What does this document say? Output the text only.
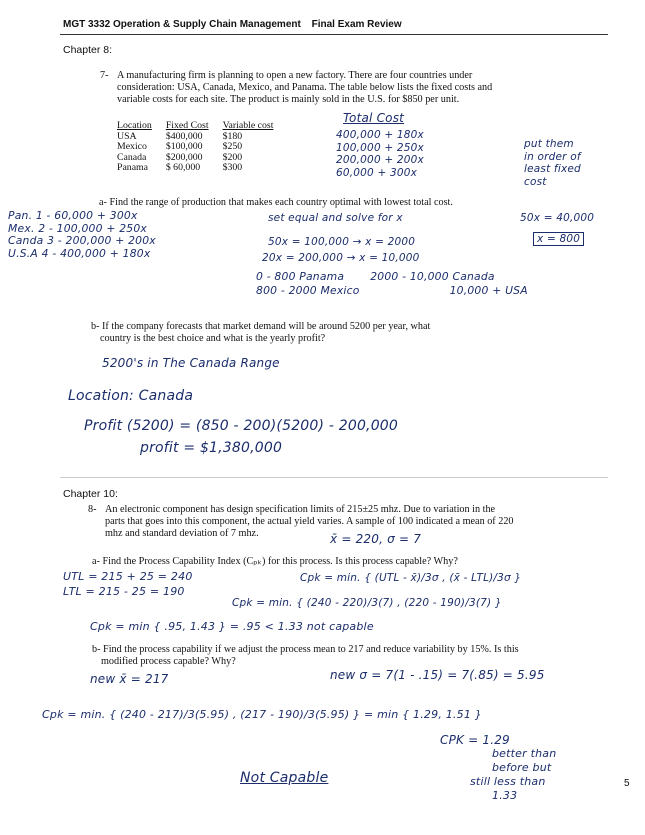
MGT 3332 Operation & Supply Chain Management Final Exam Review
Chapter 8:
7- A manufacturing firm is planning to open a new factory. There are four countries under
consideration: USA, Canada, Mexico, and Panama. The table below lists the fixed costs and
variable costs for each site. The product is mainly sold in the U.S. for $850 per unit.
Location	Fixed Cost	Variable cost
USA	$400,000	$180
Mexico	$100,000	$250
Canada	$200,000	$200
Panama	$ 60,000	$300
Total Cost
400,000 + 180x
100,000 + 250x
200,000 + 200x
60,000 + 300x
put them
in order of
least fixed
cost
a- Find the range of production that makes each country optimal with lowest total cost.
Pan. 1 - 60,000 + 300x
Mex. 2 - 100,000 + 250x
Canda 3 - 200,000 + 200x
U.S.A 4 - 400,000 + 180x
set equal and solve for x	50x = 40,000
50x = 100,000 → x = 2000	x = 800
20x = 200,000 → x = 10,000
0 - 800 Panama 2000 - 10,000 Canada
800 - 2000 Mexico	10,000 + USA
b- If the company forecasts that market demand will be around 5200 per year, what
country is the best choice and what is the yearly profit?
5200's in The Canada Range
Location: Canada
Profit (5200) = (850 - 200)(5200) - 200,000
profit = $1,380,000
Chapter 10:
8- An electronic component has design specification limits of 215±25 mhz. Due to variation in the
parts that goes into this component, the actual yield varies. A sample of 100 indicated a mean of 220
mhz and standard deviation of 7 mhz.	x̄ = 220, σ = 7
a- Find the Process Capability Index (Cₚₖ) for this process. Is this process capable? Why?
UTL = 215 + 25 = 240
LTL = 215 - 25 = 190
Cpk = min. { (UTL - x̄)/3σ , (x̄ - LTL)/3σ }
Cpk = min. { (240 - 220)/3(7) , (220 - 190)/3(7) }
Cpk = min { .95, 1.43 } = .95 < 1.33 not capable
b- Find the process capability if we adjust the process mean to 217 and reduce variability by 15%. Is this
modified process capable? Why?
new x̄ = 217	new σ = 7(1 - .15) = 7(.85) = 5.95
Cpk = min. { (240 - 217)/3(5.95) , (217 - 190)/3(5.95) } = min { 1.29, 1.51 }
CPK = 1.29
better than
before but
still less than
1.33
Not Capable	5
